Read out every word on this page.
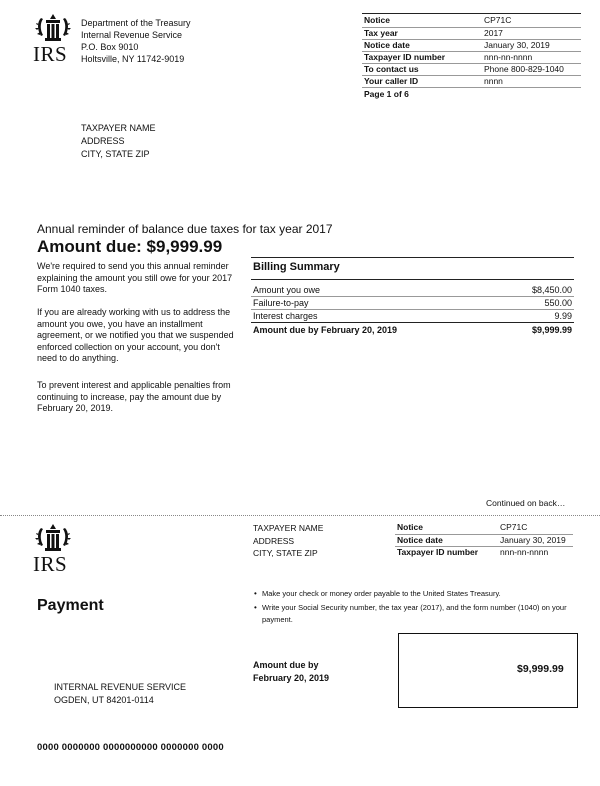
IRS
Department of the Treasury
Internal Revenue Service
P.O. Box 9010
Holtsville, NY 11742-9019
Notice	CP71C
Tax year	2017
Notice date	January 30, 2019
Taxpayer ID number	nnn-nn-nnnn
To contact us	Phone 800-829-1040
Your caller ID	nnnn
Page 1 of 6
TAXPAYER NAME
ADDRESS
CITY, STATE ZIP
Annual reminder of balance due taxes for tax year 2017
Amount due: $9,999.99
We're required to send you this annual reminder explaining the amount you still owe for your 2017 Form 1040 taxes.
If you are already working with us to address the amount you owe, you have an installment agreement, or we notified you that we suspended enforced collection on your account, you don't need to do anything.
To prevent interest and applicable penalties from continuing to increase, pay the amount due by February 20, 2019.
Billing Summary
Amount you owe	$8,450.00
Failure-to-pay	550.00
Interest charges	9.99
Amount due by February 20, 2019	$9,999.99
Continued on back…
IRS
TAXPAYER NAME
ADDRESS
CITY, STATE ZIP
Notice	CP71C
Notice date	January 30, 2019
Taxpayer ID number	nnn-nn-nnnn
Payment
• Make your check or money order payable to the United States Treasury.
• Write your Social Security number, the tax year (2017), and the form number (1040) on your payment.
Amount due by
February 20, 2019
$9,999.99
INTERNAL REVENUE SERVICE
OGDEN, UT 84201-0114
0000 0000000 0000000000 0000000 0000
